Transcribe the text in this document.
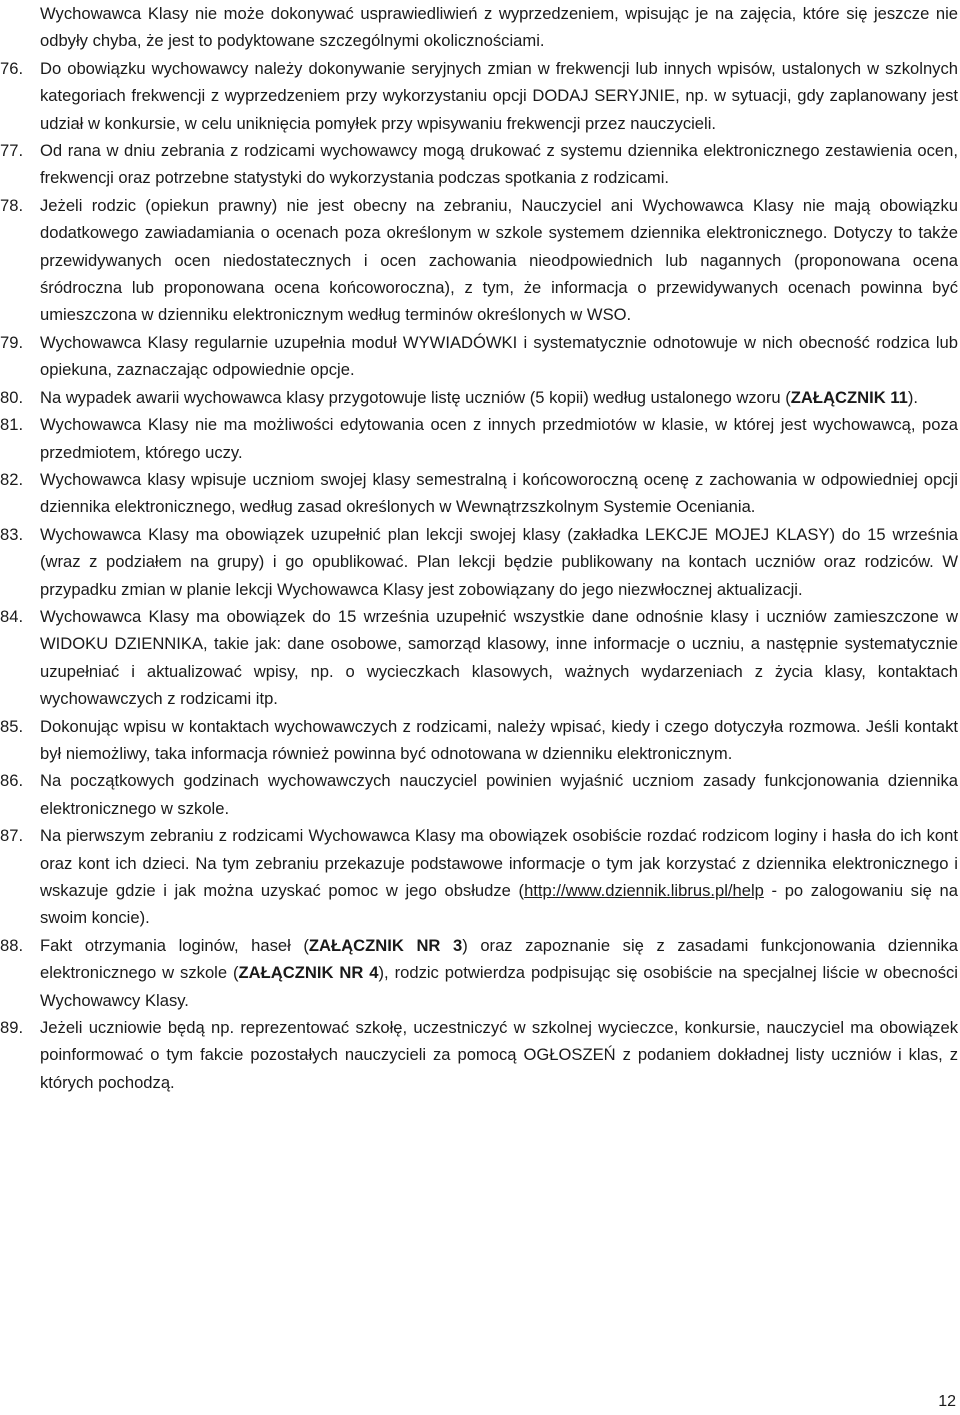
Wychowawca Klasy nie może dokonywać usprawiedliwień z wyprzedzeniem, wpisując je na zajęcia, które się jeszcze nie odbyły chyba, że jest to podyktowane szczególnymi okolicznościami.

76.	Do obowiązku wychowawcy należy dokonywanie seryjnych zmian w frekwencji lub innych wpisów, ustalonych w szkolnych kategoriach frekwencji z wyprzedzeniem przy wykorzystaniu opcji DODAJ SERYJNIE, np. w sytuacji, gdy zaplanowany jest udział w konkursie, w celu uniknięcia pomyłek przy wpisywaniu frekwencji przez nauczycieli.
77.	Od rana w dniu zebrania z rodzicami wychowawcy mogą drukować z systemu dziennika elektronicznego zestawienia ocen, frekwencji oraz potrzebne statystyki do wykorzystania podczas spotkania z rodzicami.
78.	Jeżeli rodzic (opiekun prawny) nie jest obecny na zebraniu, Nauczyciel ani Wychowawca Klasy nie mają obowiązku dodatkowego zawiadamiania o ocenach poza określonym w szkole systemem dziennika elektronicznego. Dotyczy to także przewidywanych ocen niedostatecznych i ocen zachowania nieodpowiednich lub nagannych (proponowana ocena śródroczna lub proponowana ocena końcoworoczna), z tym, że informacja o przewidywanych ocenach powinna być umieszczona w dzienniku elektronicznym według terminów określonych w WSO.
79.	Wychowawca Klasy regularnie uzupełnia moduł WYWIADÓWKI i systematycznie odnotowuje w nich obecność rodzica lub opiekuna, zaznaczając odpowiednie opcje.
80.	Na wypadek awarii wychowawca klasy przygotowuje listę uczniów (5 kopii) według ustalonego wzoru (ZAŁĄCZNIK 11).
81.	Wychowawca Klasy nie ma możliwości edytowania ocen z innych przedmiotów w klasie, w której jest wychowawcą, poza przedmiotem, którego uczy.
82.	Wychowawca klasy wpisuje uczniom swojej klasy semestralną i końcoworoczną ocenę z zachowania w odpowiedniej opcji dziennika elektronicznego, według zasad określonych w Wewnątrzszkolnym Systemie Oceniania.
83.	Wychowawca Klasy ma obowiązek uzupełnić plan lekcji swojej klasy (zakładka LEKCJE MOJEJ KLASY) do 15 września (wraz z podziałem na grupy) i go opublikować. Plan lekcji będzie publikowany na kontach uczniów oraz rodziców. W przypadku zmian w planie lekcji Wychowawca Klasy jest zobowiązany do jego niezwłocznej aktualizacji.
84.	Wychowawca Klasy ma obowiązek do 15 września uzupełnić wszystkie dane odnośnie klasy i uczniów zamieszczone w WIDOKU DZIENNIKA, takie jak: dane osobowe, samorząd klasowy, inne informacje o uczniu, a następnie systematycznie uzupełniać i aktualizować wpisy, np. o wycieczkach klasowych, ważnych wydarzeniach z życia klasy, kontaktach wychowawczych z rodzicami itp.
85.	Dokonując wpisu w kontaktach wychowawczych z rodzicami, należy wpisać, kiedy i czego dotyczyła rozmowa. Jeśli kontakt był niemożliwy, taka informacja również powinna być odnotowana w dzienniku elektronicznym.
86.	Na początkowych godzinach wychowawczych nauczyciel powinien wyjaśnić uczniom zasady funkcjonowania dziennika elektronicznego w szkole.
87.	Na pierwszym zebraniu z rodzicami Wychowawca Klasy ma obowiązek osobiście rozdać rodzicom loginy i hasła do ich kont oraz kont ich dzieci. Na tym zebraniu przekazuje podstawowe informacje o tym jak korzystać z dziennika elektronicznego i wskazuje gdzie i jak można uzyskać pomoc w jego obsłudze (http://www.dziennik.librus.pl/help - po zalogowaniu się na swoim koncie).
88.	Fakt otrzymania loginów, haseł (ZAŁĄCZNIK NR 3) oraz zapoznanie się z zasadami funkcjonowania dziennika elektronicznego w szkole (ZAŁĄCZNIK NR 4), rodzic potwierdza podpisując się osobiście na specjalnej liście w obecności Wychowawcy Klasy.
89.	Jeżeli uczniowie będą np. reprezentować szkołę, uczestniczyć w szkolnej wycieczce, konkursie, nauczyciel ma obowiązek poinformować o tym fakcie pozostałych nauczycieli za pomocą OGŁOSZEŃ z podaniem dokładnej listy uczniów i klas, z których pochodzą.
12
